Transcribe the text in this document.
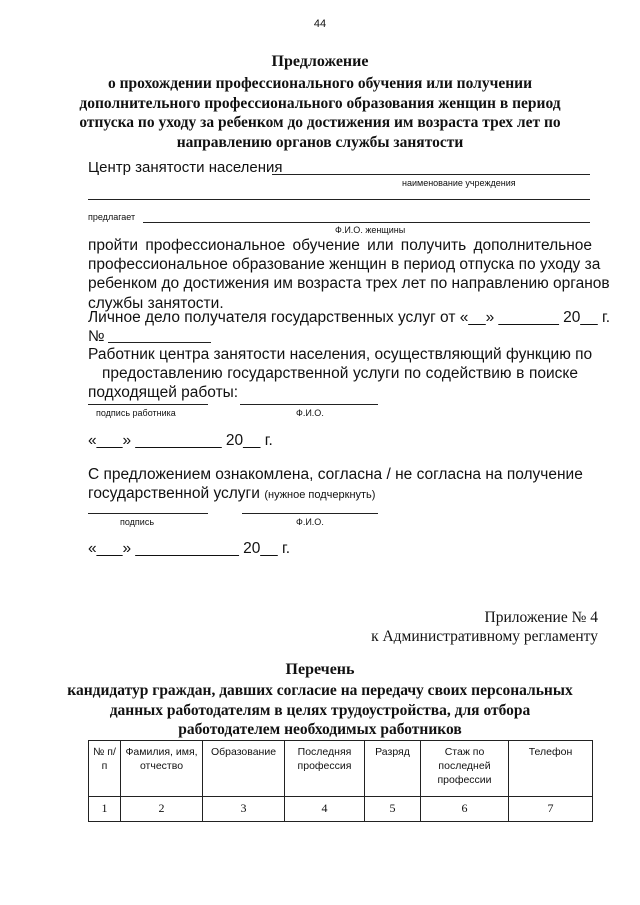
44
Предложение
о прохождении профессионального обучения или получении
дополнительного профессионального образования женщин в период
отпуска по уходу за ребенком до достижения им возраста трех лет по
направлению органов службы занятости
Центр занятости населения
наименование учреждения
предлагает
Ф.И.О. женщины
пройти профессиональное обучение или получить дополнительное
профессиональное образование женщин в период отпуска по уходу за
ребенком до достижения им возраста трех лет по направлению органов
службы занятости.
Личное дело получателя государственных услуг от «__» _______ 20__ г.
№
Работник центра занятости населения, осуществляющий функцию по
предоставлению государственной услуги по содействию в поиске
подходящей работы:
подпись работника	Ф.И.О.
«___» __________ 20__ г.
С предложением ознакомлена, согласна / не согласна на получение
государственной услуги (нужное подчеркнуть)
подпись	Ф.И.О.
«___» ____________ 20__ г.
Приложение № 4
к Административному регламенту
Перечень
кандидатур граждан, давших согласие на передачу своих персональных
данных работодателям в целях трудоустройства, для отбора
работодателем необходимых работников
№ п/п	Фамилия, имя, отчество	Образование	Последняя профессия	Разряд	Стаж по последней профессии	Телефон
1	2	3	4	5	6	7
